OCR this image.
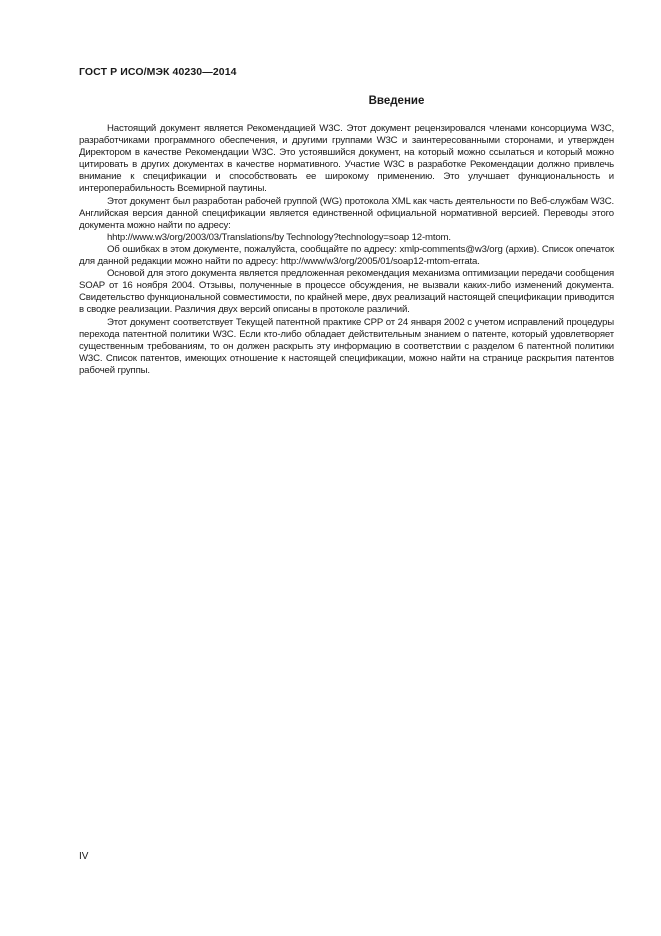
ГОСТ Р ИСО/МЭК 40230—2014
Введение

Настоящий документ является Рекомендацией W3C. Этот документ рецензировался членами консорциума W3C, разработчиками программного обеспечения, и другими группами W3C и заинтересованными сторонами, и утвержден Директором в качестве Рекомендации W3C. Это устоявшийся документ, на который можно ссылаться и который можно цитировать в других документах в качестве нормативного. Участие W3C в разработке Рекомендации должно привлечь внимание к спецификации и способствовать ее широкому применению. Это улучшает функциональность и интероперабильность Всемирной паутины.

Этот документ был разработан рабочей группой (WG) протокола XML как часть деятельности по Веб-службам W3C. Английская версия данной спецификации является единственной официальной нормативной версией. Переводы этого документа можно найти по адресу:

hhtp://www.w3/org/2003/03/Translations/by Technology?technology=soap 12-mtom.

Об ошибках в этом документе, пожалуйста, сообщайте по адресу: xmlp-comments@w3/org (архив). Список опечаток для данной редакции можно найти по адресу: http://www/w3/org/2005/01/soap12-mtom-errata.

Основой для этого документа является предложенная рекомендация механизма оптимизации передачи сообщения SOAP от 16 ноября 2004. Отзывы, полученные в процессе обсуждения, не вызвали каких-либо изменений документа. Свидетельство функциональной совместимости, по крайней мере, двух реализаций настоящей спецификации приводится в сводке реализации. Различия двух версий описаны в протоколе различий.

Этот документ соответствует Текущей патентной практике CPP от 24 января 2002 с учетом исправлений процедуры перехода патентной политики W3C. Если кто-либо обладает действительным знанием о патенте, который удовлетворяет существенным требованиям, то он должен раскрыть эту информацию в соответствии с разделом 6 патентной политики W3C. Список патентов, имеющих отношение к настоящей спецификации, можно найти на странице раскрытия патентов рабочей группы.

IV
